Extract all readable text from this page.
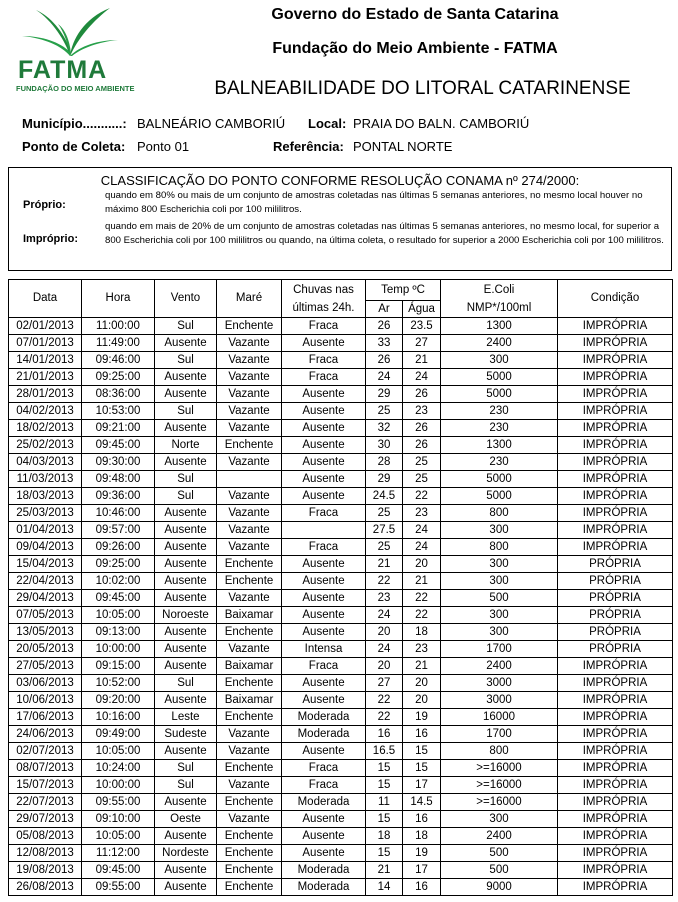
FATMA
FUNDAÇÃO DO MEIO AMBIENTE
Governo do Estado de Santa Catarina
Fundação do Meio Ambiente - FATMA
BALNEABILIDADE DO LITORAL CATARINENSE
Município...........: BALNEÁRIO CAMBORIÚ Local: PRAIA DO BALN. CAMBORIÚ
Ponto de Coleta: Ponto 01	Referência: PONTAL NORTE
CLASSIFICAÇÃO DO PONTO CONFORME RESOLUÇÃO CONAMA nº 274/2000:
Próprio:
quando em 80% ou mais de um conjunto de amostras coletadas nas últimas 5 semanas anteriores, no mesmo local houver no máximo 800 Escherichia coli por 100 mililitros.
Impróprio:
quando em mais de 20% de um conjunto de amostras coletadas nas últimas 5 semanas anteriores, no mesmo local, for superior a 800 Escherichia coli por 100 mililitros ou quando, na última coleta, o resultado for superior a 2000 Escherichia coli por 100 mililitros.
Data	Hora	Vento	Maré	Chuvas nas	Temp ºC		E.Coli	Condição
				últimas 24h.	Ar	Água	NMP*/100ml	
02/01/2013	11:00:00	Sul	Enchente	Fraca	26	23.5	1300	IMPRÓPRIA
07/01/2013	11:49:00	Ausente	Vazante	Ausente	33	27	2400	IMPRÓPRIA
14/01/2013	09:46:00	Sul	Vazante	Fraca	26	21	300	IMPRÓPRIA
21/01/2013	09:25:00	Ausente	Vazante	Fraca	24	24	5000	IMPRÓPRIA
28/01/2013	08:36:00	Ausente	Vazante	Ausente	29	26	5000	IMPRÓPRIA
04/02/2013	10:53:00	Sul	Vazante	Ausente	25	23	230	IMPRÓPRIA
18/02/2013	09:21:00	Ausente	Vazante	Ausente	32	26	230	IMPRÓPRIA
25/02/2013	09:45:00	Norte	Enchente	Ausente	30	26	1300	IMPRÓPRIA
04/03/2013	09:30:00	Ausente	Vazante	Ausente	28	25	230	IMPRÓPRIA
11/03/2013	09:48:00	Sul		Ausente	29	25	5000	IMPRÓPRIA
18/03/2013	09:36:00	Sul	Vazante	Ausente	24.5	22	5000	IMPRÓPRIA
25/03/2013	10:46:00	Ausente	Vazante	Fraca	25	23	800	IMPRÓPRIA
01/04/2013	09:57:00	Ausente	Vazante		27.5	24	300	IMPRÓPRIA
09/04/2013	09:26:00	Ausente	Vazante	Fraca	25	24	800	IMPRÓPRIA
15/04/2013	09:25:00	Ausente	Enchente	Ausente	21	20	300	PRÓPRIA
22/04/2013	10:02:00	Ausente	Enchente	Ausente	22	21	300	PRÓPRIA
29/04/2013	09:45:00	Ausente	Vazante	Ausente	23	22	500	PRÓPRIA
07/05/2013	10:05:00	Noroeste	Baixamar	Ausente	24	22	300	PRÓPRIA
13/05/2013	09:13:00	Ausente	Enchente	Ausente	20	18	300	PRÓPRIA
20/05/2013	10:00:00	Ausente	Vazante	Intensa	24	23	1700	PRÓPRIA
27/05/2013	09:15:00	Ausente	Baixamar	Fraca	20	21	2400	IMPRÓPRIA
03/06/2013	10:52:00	Sul	Enchente	Ausente	27	20	3000	IMPRÓPRIA
10/06/2013	09:20:00	Ausente	Baixamar	Ausente	22	20	3000	IMPRÓPRIA
17/06/2013	10:16:00	Leste	Enchente	Moderada	22	19	16000	IMPRÓPRIA
24/06/2013	09:49:00	Sudeste	Vazante	Moderada	16	16	1700	IMPRÓPRIA
02/07/2013	10:05:00	Ausente	Vazante	Ausente	16.5	15	800	IMPRÓPRIA
08/07/2013	10:24:00	Sul	Enchente	Fraca	15	15	>=16000	IMPRÓPRIA
15/07/2013	10:00:00	Sul	Vazante	Fraca	15	17	>=16000	IMPRÓPRIA
22/07/2013	09:55:00	Ausente	Enchente	Moderada	11	14.5	>=16000	IMPRÓPRIA
29/07/2013	09:10:00	Oeste	Vazante	Ausente	15	16	300	IMPRÓPRIA
05/08/2013	10:05:00	Ausente	Enchente	Ausente	18	18	2400	IMPRÓPRIA
12/08/2013	11:12:00	Nordeste	Enchente	Ausente	15	19	500	IMPRÓPRIA
19/08/2013	09:45:00	Ausente	Enchente	Moderada	21	17	500	IMPRÓPRIA
26/08/2013	09:55:00	Ausente	Enchente	Moderada	14	16	9000	IMPRÓPRIA
